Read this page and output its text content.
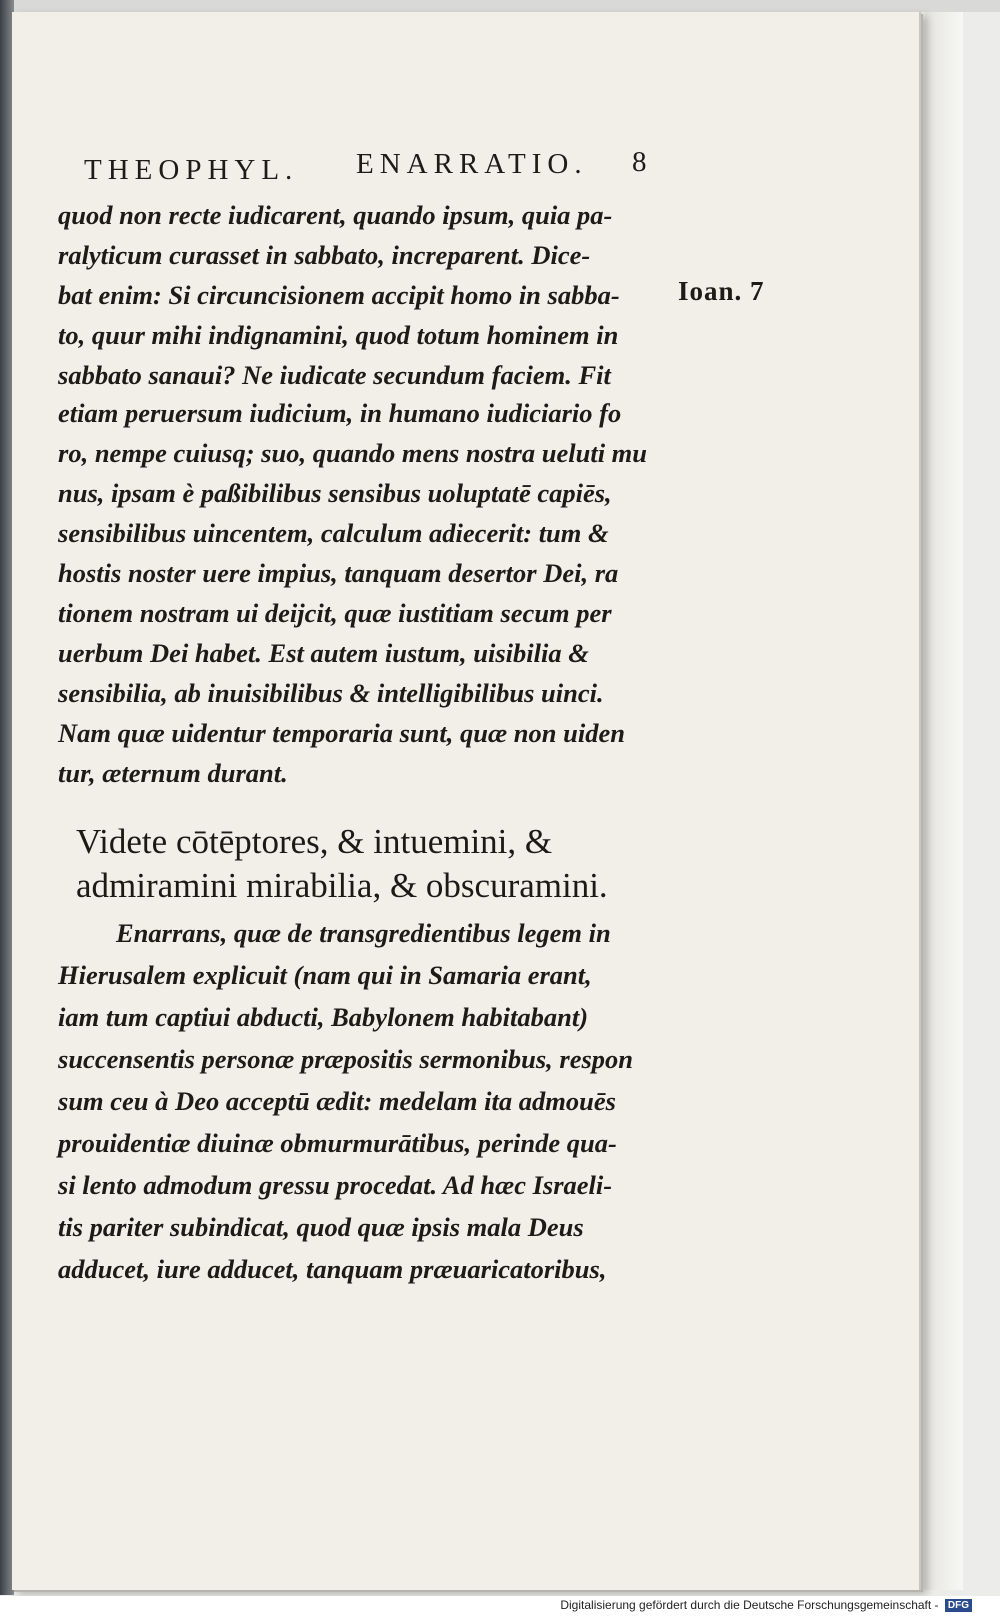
THEOPHYL. ENARRATIO. 8
Ioan. 7
quod non recte iudicarent, quando ipsum, quia pa-
ralyticum curasset in sabbato, increparent. Dice-
bat enim: Si circuncisionem accipit homo in sabba-
to, quur mihi indignamini, quod totum hominem in
sabbato sanaui? Ne iudicate secundum faciem. Fit
etiam peruersum iudicium, in humano iudiciario fo
ro, nempe cuiusq; suo, quando mens nostra ueluti mu
nus, ipsam è paßibilibus sensibus uoluptatē capiēs,
sensibilibus uincentem, calculum adiecerit: tum &
hostis noster uere impius, tanquam desertor Dei, ra
tionem nostram ui deijcit, quæ iustitiam secum per
uerbum Dei habet. Est autem iustum, uisibilia &
sensibilia, ab inuisibilibus & intelligibilibus uinci.
Nam quæ uidentur temporaria sunt, quæ non uiden
tur, æternum durant.
Videte cōtēptores, & intuemini, &
admiramini mirabilia, & obscuramini.
Enarrans, quæ de transgredientibus legem in
Hierusalem explicuit (nam qui in Samaria erant,
iam tum captiui abducti, Babylonem habitabant)
succensentis personæ præpositis sermonibus, respon
sum ceu à Deo acceptū ædit: medelam ita admouēs
prouidentiæ diuinæ obmurmurātibus, perinde qua-
si lento admodum gressu procedat. Ad hæc Israeli-
tis pariter subindicat, quod quæ ipsis mala Deus
adducet, iure adducet, tanquam præuaricatoribus,
Digitalisierung gefördert durch die Deutsche Forschungsgemeinschaft - DFG
